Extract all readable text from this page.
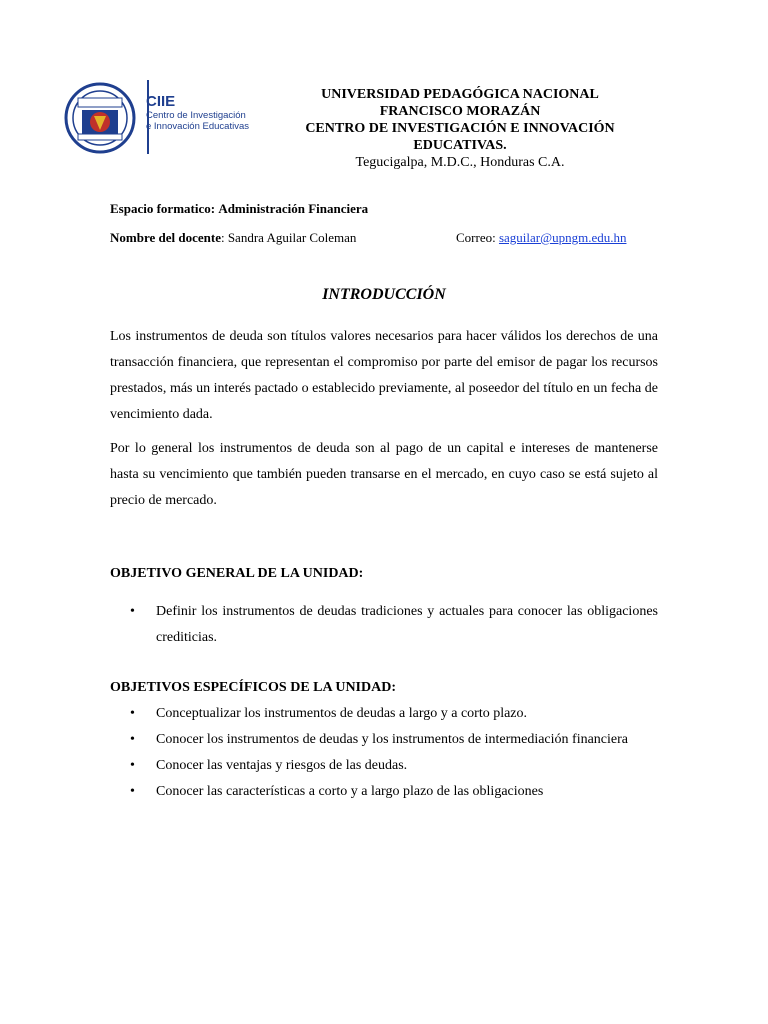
CIIE
Centro de Investigación
e Innovación Educativas
UNIVERSIDAD PEDAGÓGICA NACIONAL
FRANCISCO MORAZÁN
CENTRO DE INVESTIGACIÓN E INNOVACIÓN
EDUCATIVAS.
Tegucigalpa, M.D.C., Honduras C.A.
Espacio formatico: Administración Financiera
Nombre del docente: Sandra Aguilar Coleman	Correo: saguilar@upngm.edu.hn
INTRODUCCIÓN
Los instrumentos de deuda son títulos valores necesarios para hacer válidos los derechos de una transacción financiera, que representan el compromiso por parte del emisor de pagar los recursos prestados, más un interés pactado o establecido previamente, al poseedor del título en un fecha de vencimiento dada.
Por lo general los instrumentos de deuda son al pago de un capital e intereses de mantenerse hasta su vencimiento que también pueden transarse en el mercado, en cuyo caso se está sujeto al precio de mercado.
OBJETIVO GENERAL DE LA UNIDAD:
• Definir los instrumentos de deudas tradiciones y actuales para conocer las obligaciones crediticias.
OBJETIVOS ESPECÍFICOS DE LA UNIDAD:
• Conceptualizar los instrumentos de deudas a largo y a corto plazo.
• Conocer los instrumentos de deudas y los instrumentos de intermediación financiera
• Conocer las ventajas y riesgos de las deudas.
• Conocer las características a corto y a largo plazo de las obligaciones
